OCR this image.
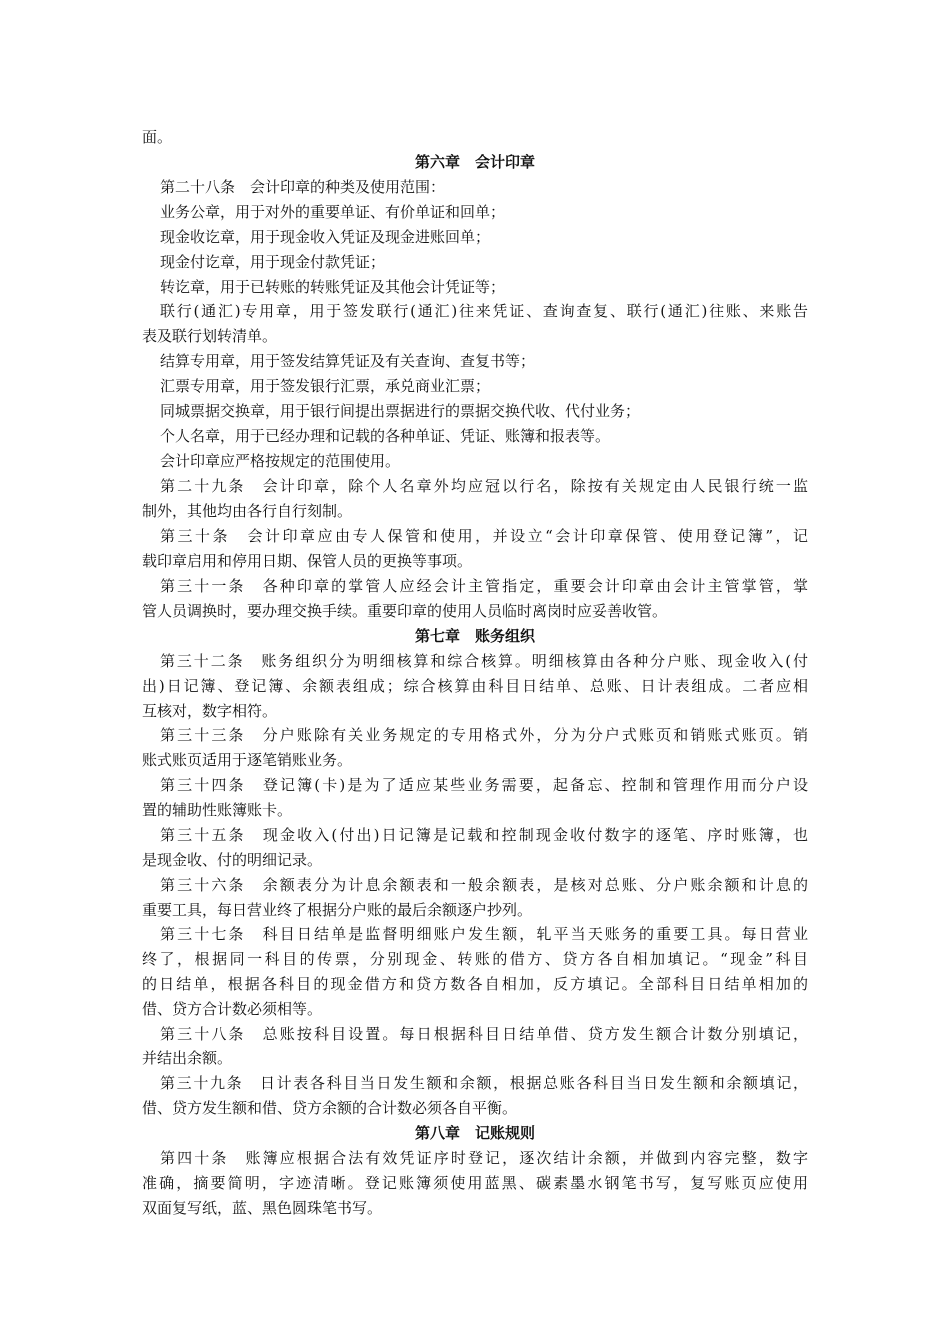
面。
第六章　会计印章
第二十八条　会计印章的种类及使用范围：
业务公章，用于对外的重要单证、有价单证和回单；
现金收讫章，用于现金收入凭证及现金进账回单；
现金付讫章，用于现金付款凭证；
转讫章，用于已转账的转账凭证及其他会计凭证等；
联行(通汇)专用章，用于签发联行(通汇)往来凭证、查询查复、联行(通汇)往账、来账告
表及联行划转清单。
结算专用章，用于签发结算凭证及有关查询、查复书等；
汇票专用章，用于签发银行汇票，承兑商业汇票；
同城票据交换章，用于银行间提出票据进行的票据交换代收、代付业务；
个人名章，用于已经办理和记载的各种单证、凭证、账簿和报表等。
会计印章应严格按规定的范围使用。
第二十九条　会计印章，除个人名章外均应冠以行名，除按有关规定由人民银行统一监
制外，其他均由各行自行刻制。
第三十条　会计印章应由专人保管和使用，并设立“会计印章保管、使用登记簿”，记
载印章启用和停用日期、保管人员的更换等事项。
第三十一条　各种印章的掌管人应经会计主管指定，重要会计印章由会计主管掌管，掌
管人员调换时，要办理交换手续。重要印章的使用人员临时离岗时应妥善收管。
第七章　账务组织
第三十二条　账务组织分为明细核算和综合核算。明细核算由各种分户账、现金收入(付
出)日记簿、登记簿、余额表组成；综合核算由科目日结单、总账、日计表组成。二者应相
互核对，数字相符。
第三十三条　分户账除有关业务规定的专用格式外，分为分户式账页和销账式账页。销
账式账页适用于逐笔销账业务。
第三十四条　登记簿(卡)是为了适应某些业务需要，起备忘、控制和管理作用而分户设
置的辅助性账簿账卡。
第三十五条　现金收入(付出)日记簿是记载和控制现金收付数字的逐笔、序时账簿，也
是现金收、付的明细记录。
第三十六条　余额表分为计息余额表和一般余额表，是核对总账、分户账余额和计息的
重要工具，每日营业终了根据分户账的最后余额逐户抄列。
第三十七条　科目日结单是监督明细账户发生额，轧平当天账务的重要工具。每日营业
终了，根据同一科目的传票，分别现金、转账的借方、贷方各自相加填记。“现金”科目
的日结单，根据各科目的现金借方和贷方数各自相加，反方填记。全部科目日结单相加的
借、贷方合计数必须相等。
第三十八条　总账按科目设置。每日根据科目日结单借、贷方发生额合计数分别填记，
并结出余额。
第三十九条　日计表各科目当日发生额和余额，根据总账各科目当日发生额和余额填记，
借、贷方发生额和借、贷方余额的合计数必须各自平衡。
第八章　记账规则
第四十条　账簿应根据合法有效凭证序时登记，逐次结计余额，并做到内容完整，数字
准确，摘要简明，字迹清晰。登记账簿须使用蓝黑、碳素墨水钢笔书写，复写账页应使用
双面复写纸，蓝、黑色圆珠笔书写。
